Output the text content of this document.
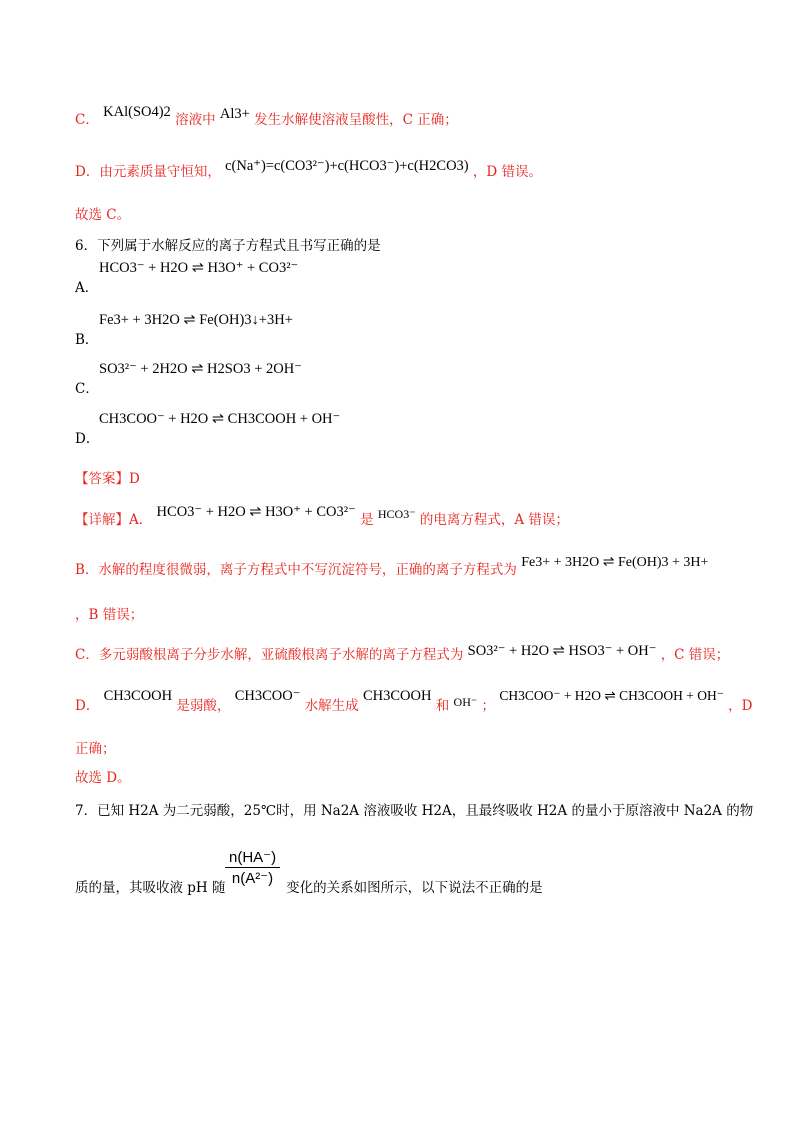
C． KAl(SO4)2 溶液中 Al3+ 发生水解使溶液呈酸性，C 正确；
D．由元素质量守恒知， c(Na⁺)=c(CO3²⁻)+c(HCO3⁻)+c(H2CO3) ，D 错误。
故选 C。
6．下列属于水解反应的离子方程式且书写正确的是
HCO3⁻ + H2O ⇌ H3O⁺ + CO3²⁻
A．
Fe3+ + 3H2O ⇌ Fe(OH)3↓+3H+
B．
SO3²⁻ + 2H2O ⇌ H2SO3 + 2OH⁻
C．
CH3COO⁻ + H2O ⇌ CH3COOH + OH⁻
D．
【答案】D
【详解】A． HCO3⁻ + H2O ⇌ H3O⁺ + CO3²⁻ 是 HCO3⁻ 的电离方程式，A 错误；
B．水解的程度很微弱，离子方程式中不写沉淀符号，正确的离子方程式为 Fe3+ + 3H2O ⇌ Fe(OH)3 + 3H+
，B 错误；
C．多元弱酸根离子分步水解，亚硫酸根离子水解的离子方程式为 SO3²⁻ + H2O ⇌ HSO3⁻ + OH⁻ ，C 错误；
D． CH3COOH 是弱酸， CH3COO⁻ 水解生成 CH3COOH 和 OH⁻ ； CH3COO⁻ + H2O ⇌ CH3COOH + OH⁻ ，D
正确；
故选 D。
7．已知 H2A 为二元弱酸，25℃时，用 Na2A 溶液吸收 H2A，且最终吸收 H2A 的量小于原溶液中 Na2A 的物
质的量，其吸收液 pH 随	变化的关系如图所示，以下说法不正确的是
$\frac{n(HA^-)}{\text{n(A²⁻)}}$
